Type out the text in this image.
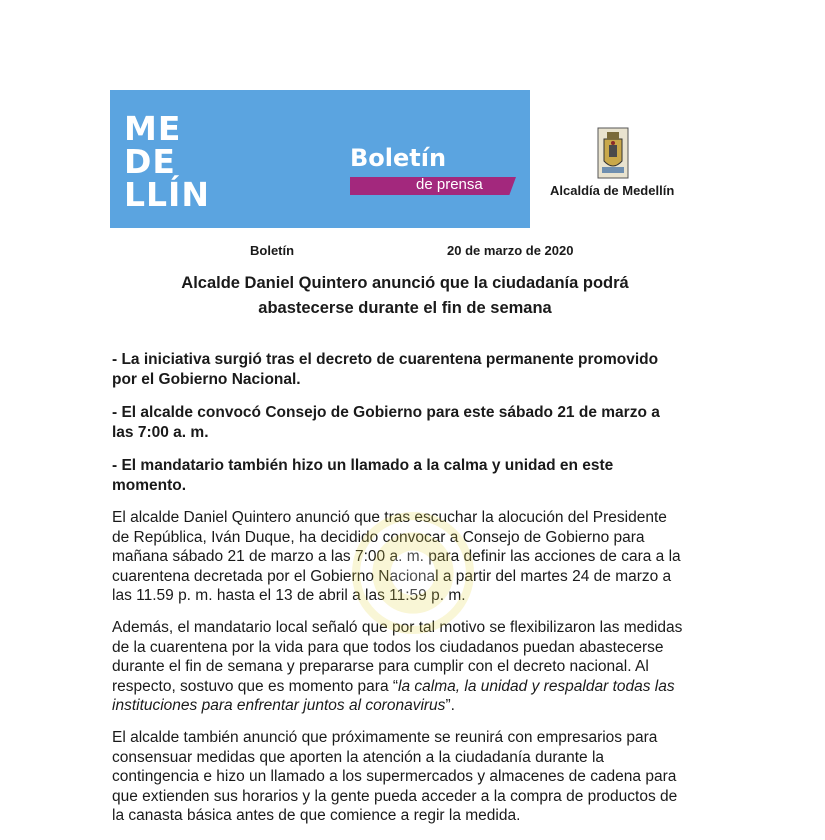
ME
DE
LLÍN
Boletín
de prensa	Alcaldía de Medellín
Boletín	20 de marzo de 2020
Alcalde Daniel Quintero anunció que la ciudadanía podrá
abastecerse durante el fin de semana
- La iniciativa surgió tras el decreto de cuarentena permanente promovido
por el Gobierno Nacional.
- El alcalde convocó Consejo de Gobierno para este sábado 21 de marzo a
las 7:00 a. m.
- El mandatario también hizo un llamado a la calma y unidad en este
momento.
El alcalde Daniel Quintero anunció que tras escuchar la alocución del Presidente
de República, Iván Duque, ha decidido convocar a Consejo de Gobierno para
mañana sábado 21 de marzo a las 7:00 a. m. para definir las acciones de cara a la
cuarentena decretada por el Gobierno Nacional a partir del martes 24 de marzo a
las 11.59 p. m. hasta el 13 de abril a las 11:59 p. m.
Además, el mandatario local señaló que por tal motivo se flexibilizaron las medidas
de la cuarentena por la vida para que todos los ciudadanos puedan abastecerse
durante el fin de semana y prepararse para cumplir con el decreto nacional. Al
respecto, sostuvo que es momento para “la calma, la unidad y respaldar todas las
instituciones para enfrentar juntos al coronavirus”.
El alcalde también anunció que próximamente se reunirá con empresarios para
consensuar medidas que aporten la atención a la ciudadanía durante la
contingencia e hizo un llamado a los supermercados y almacenes de cadena para
que extienden sus horarios y la gente pueda acceder a la compra de productos de
la canasta básica antes de que comience a regir la medida.
